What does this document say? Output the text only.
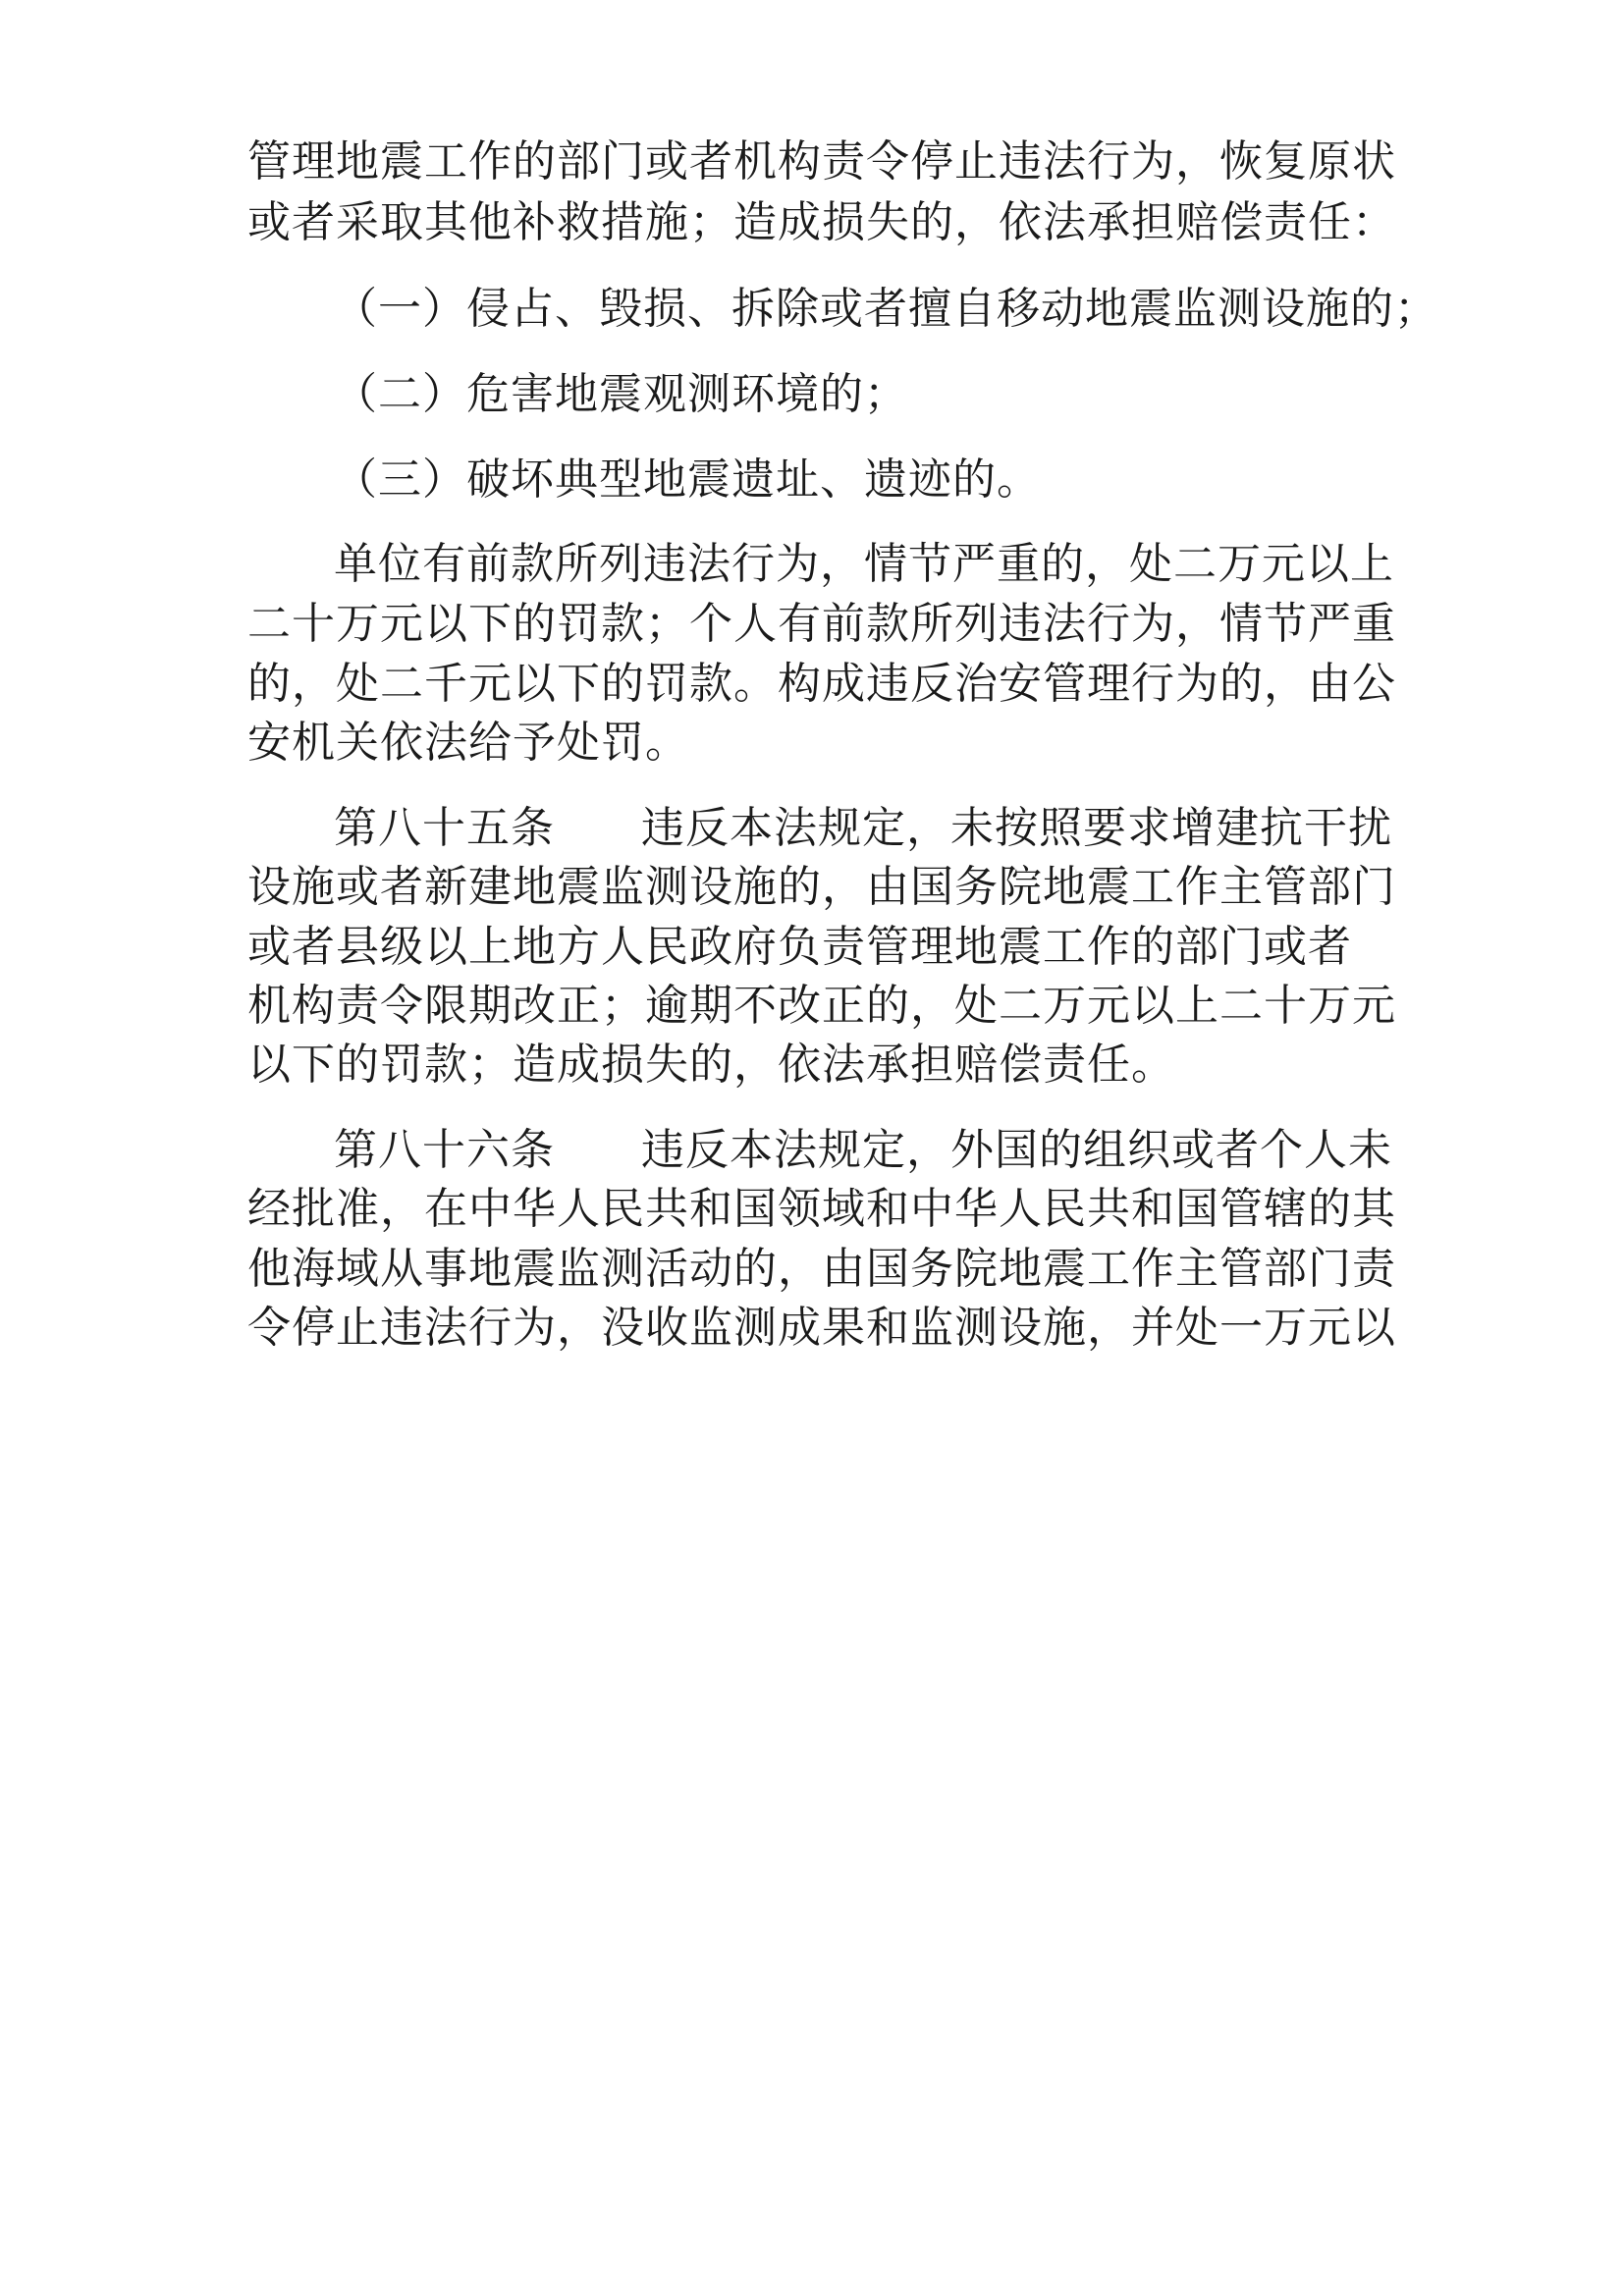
管理地震工作的部门或者机构责令停止违法行为，恢复原状
或者采取其他补救措施；造成损失的，依法承担赔偿责任：
（一）侵占、毁损、拆除或者擅自移动地震监测设施的；
（二）危害地震观测环境的；
（三）破坏典型地震遗址、遗迹的。
单位有前款所列违法行为，情节严重的，处二万元以上
二十万元以下的罚款；个人有前款所列违法行为，情节严重
的，处二千元以下的罚款。构成违反治安管理行为的，由公
安机关依法给予处罚。
第八十五条 违反本法规定，未按照要求增建抗干扰
设施或者新建地震监测设施的，由国务院地震工作主管部门
或者县级以上地方人民政府负责管理地震工作的部门或者
机构责令限期改正；逾期不改正的，处二万元以上二十万元
以下的罚款；造成损失的，依法承担赔偿责任。
第八十六条 违反本法规定，外国的组织或者个人未
经批准，在中华人民共和国领域和中华人民共和国管辖的其
他海域从事地震监测活动的，由国务院地震工作主管部门责
令停止违法行为，没收监测成果和监测设施，并处一万元以
